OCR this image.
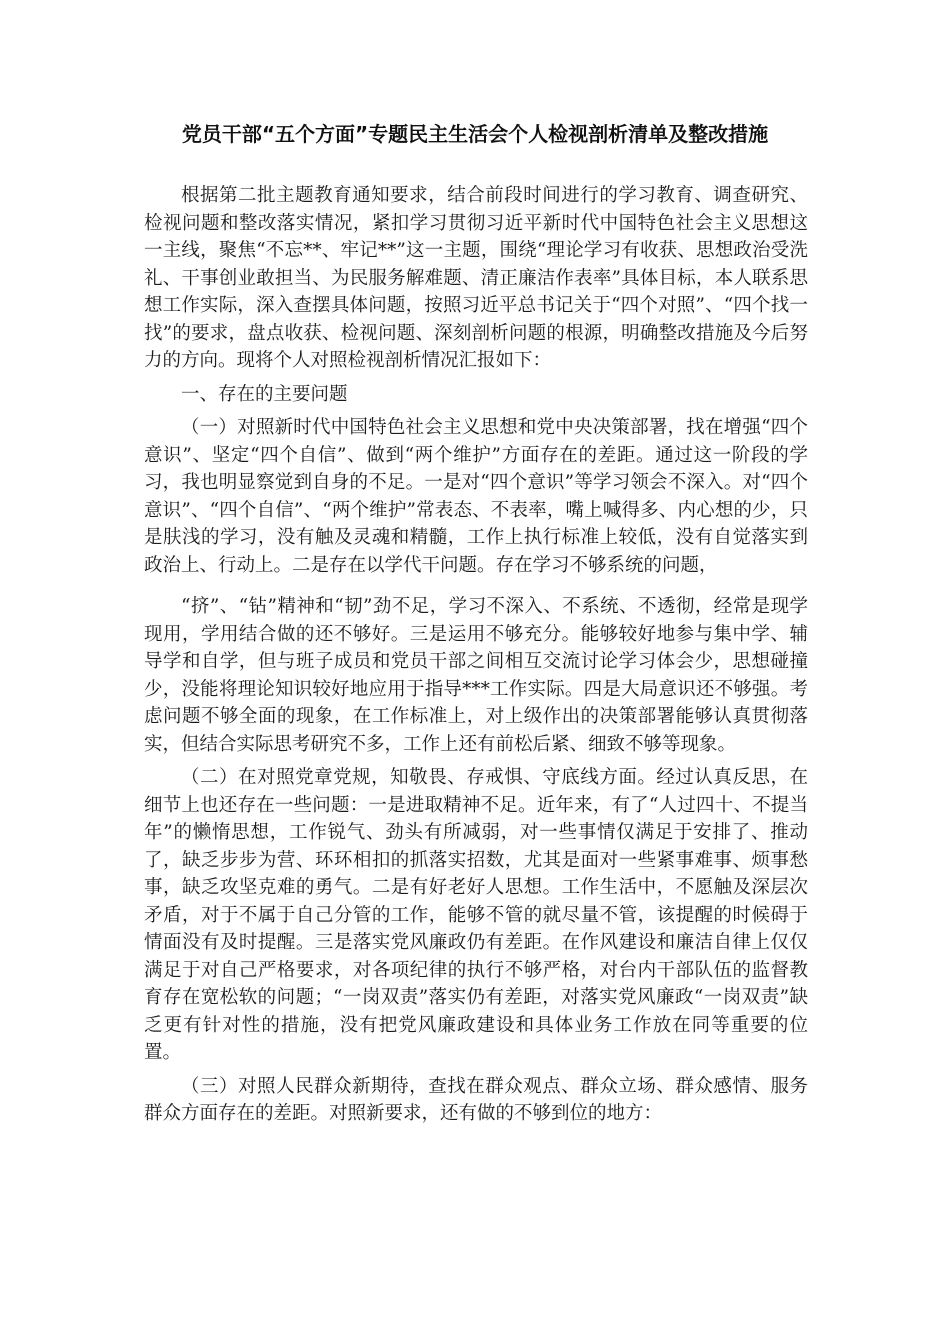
党员干部“五个方面”专题民主生活会个人检视剖析清单及整改措施

根据第二批主题教育通知要求，结合前段时间进行的学习教育、调查研究、检视问题和整改落实情况，紧扣学习贯彻习近平新时代中国特色社会主义思想这一主线，聚焦“不忘**、牢记**”这一主题，围绕“理论学习有收获、思想政治受洗礼、干事创业敢担当、为民服务解难题、清正廉洁作表率”具体目标，本人联系思想工作实际，深入查摆具体问题，按照习近平总书记关于“四个对照”、“四个找一找”的要求，盘点收获、检视问题、深刻剖析问题的根源，明确整改措施及今后努力的方向。现将个人对照检视剖析情况汇报如下：

一、存在的主要问题

（一）对照新时代中国特色社会主义思想和党中央决策部署，找在增强“四个意识”、坚定“四个自信”、做到“两个维护”方面存在的差距。通过这一阶段的学习，我也明显察觉到自身的不足。一是对“四个意识”等学习领会不深入。对“四个意识”、“四个自信”、“两个维护”常表态、不表率，嘴上喊得多、内心想的少，只是肤浅的学习，没有触及灵魂和精髓，工作上执行标准上较低，没有自觉落实到政治上、行动上。二是存在以学代干问题。存在学习不够系统的问题，

“挤”、“钻”精神和“韧”劲不足，学习不深入、不系统、不透彻，经常是现学现用，学用结合做的还不够好。三是运用不够充分。能够较好地参与集中学、辅导学和自学，但与班子成员和党员干部之间相互交流讨论学习体会少，思想碰撞少，没能将理论知识较好地应用于指导***工作实际。四是大局意识还不够强。考虑问题不够全面的现象，在工作标准上，对上级作出的决策部署能够认真贯彻落实，但结合实际思考研究不多，工作上还有前松后紧、细致不够等现象。

（二）在对照党章党规，知敬畏、存戒惧、守底线方面。经过认真反思，在细节上也还存在一些问题：一是进取精神不足。近年来，有了“人过四十、不提当年”的懒惰思想，工作锐气、劲头有所减弱，对一些事情仅满足于安排了、推动了，缺乏步步为营、环环相扣的抓落实招数，尤其是面对一些紧事难事、烦事愁事，缺乏攻坚克难的勇气。二是有好老好人思想。工作生活中，不愿触及深层次矛盾，对于不属于自己分管的工作，能够不管的就尽量不管，该提醒的时候碍于情面没有及时提醒。三是落实党风廉政仍有差距。在作风建设和廉洁自律上仅仅满足于对自己严格要求，对各项纪律的执行不够严格，对台内干部队伍的监督教育存在宽松软的问题；“一岗双责”落实仍有差距，对落实党风廉政“一岗双责”缺乏更有针对性的措施，没有把党风廉政建设和具体业务工作放在同等重要的位置。

（三）对照人民群众新期待，查找在群众观点、群众立场、群众感情、服务群众方面存在的差距。对照新要求，还有做的不够到位的地方：
